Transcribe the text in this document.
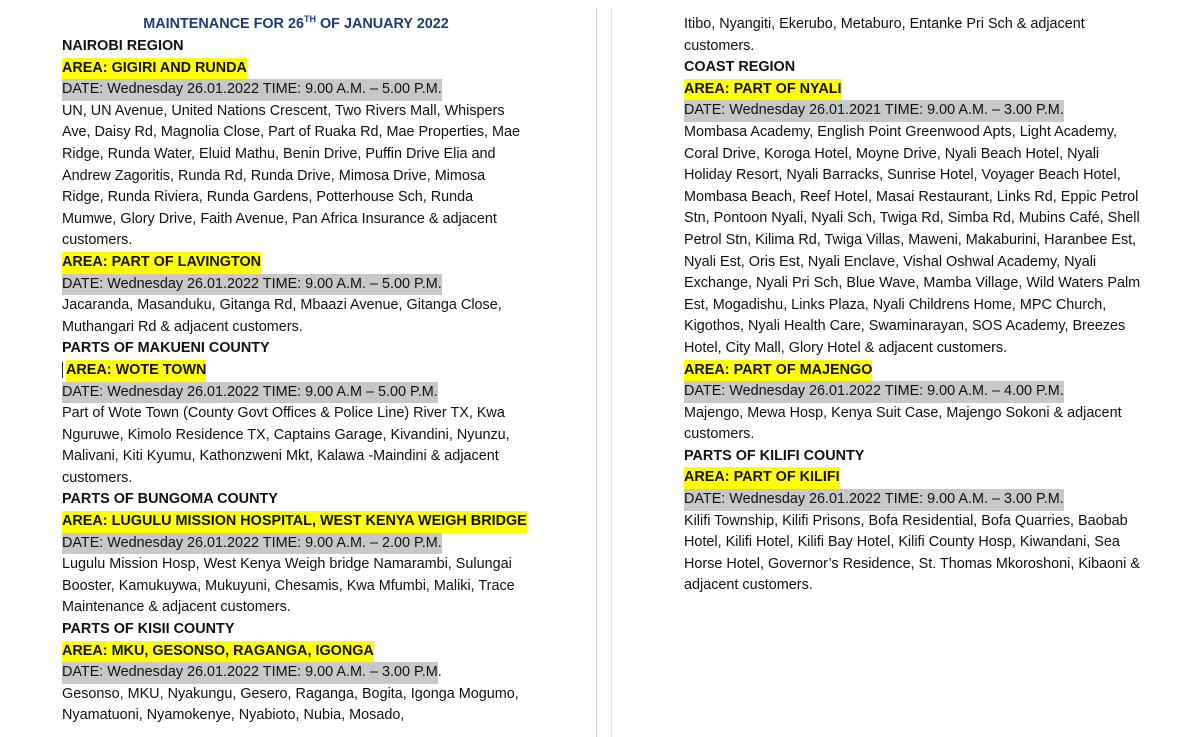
MAINTENANCE FOR 26TH OF JANUARY 2022
NAIROBI REGION
AREA: GIGIRI AND RUNDA
DATE: Wednesday 26.01.2022 TIME: 9.00 A.M. – 5.00 P.M.

UN, UN Avenue, United Nations Crescent, Two Rivers Mall, Whispers Ave, Daisy Rd, Magnolia Close, Part of Ruaka Rd, Mae Properties, Mae Ridge, Runda Water, Eluid Mathu, Benin Drive, Puffin Drive Elia and Andrew Zagoritis, Runda Rd, Runda Drive, Mimosa Drive, Mimosa Ridge, Runda Riviera, Runda Gardens, Potterhouse Sch, Runda Mumwe, Glory Drive, Faith Avenue, Pan Africa Insurance & adjacent customers.

AREA: PART OF LAVINGTON
DATE: Wednesday 26.01.2022 TIME: 9.00 A.M. – 5.00 P.M.

Jacaranda, Masanduku, Gitanga Rd, Mbaazi Avenue, Gitanga Close, Muthangari Rd & adjacent customers.

PARTS OF MAKUENI COUNTY
AREA: WOTE TOWN
DATE: Wednesday 26.01.2022 TIME: 9.00 A.M – 5.00 P.M.

Part of Wote Town (County Govt Offices & Police Line) River TX, Kwa Nguruwe, Kimolo Residence TX, Captains Garage, Kivandini, Nyunzu, Malivani, Kiti Kyumu, Kathonzweni Mkt, Kalawa -Maindini & adjacent customers.

PARTS OF BUNGOMA COUNTY
AREA: LUGULU MISSION HOSPITAL, WEST KENYA WEIGH BRIDGE
DATE: Wednesday 26.01.2022 TIME: 9.00 A.M. – 2.00 P.M.

Lugulu Mission Hosp, West Kenya Weigh bridge Namarambi, Sulungai Booster, Kamukuywa, Mukuyuni, Chesamis, Kwa Mfumbi, Maliki, Trace Maintenance & adjacent customers.

PARTS OF KISII COUNTY
AREA: MKU, GESONSO, RAGANGA, IGONGA
DATE: Wednesday 26.01.2022 TIME: 9.00 A.M. – 3.00 P.M.

Gesonso, MKU, Nyakungu, Gesero, Raganga, Bogita, Igonga Mogumo, Nyamatuoni, Nyamokenye, Nyabioto, Nubia, Mosado,

Itibo, Nyangiti, Ekerubo, Metaburo, Entanke Pri Sch & adjacent customers.

COAST REGION
AREA: PART OF NYALI
DATE: Wednesday 26.01.2021 TIME: 9.00 A.M. – 3.00 P.M.

Mombasa Academy, English Point Greenwood Apts, Light Academy, Coral Drive, Koroga Hotel, Moyne Drive, Nyali Beach Hotel, Nyali Holiday Resort, Nyali Barracks, Sunrise Hotel, Voyager Beach Hotel, Mombasa Beach, Reef Hotel, Masai Restaurant, Links Rd, Eppic Petrol Stn, Pontoon Nyali, Nyali Sch, Twiga Rd, Simba Rd, Mubins Café, Shell Petrol Stn, Kilima Rd, Twiga Villas, Maweni, Makaburini, Haranbee Est, Nyali Est, Oris Est, Nyali Enclave, Vishal Oshwal Academy, Nyali Exchange, Nyali Pri Sch, Blue Wave, Mamba Village, Wild Waters Palm Est, Mogadishu, Links Plaza, Nyali Childrens Home, MPC Church, Kigothos, Nyali Health Care, Swaminarayan, SOS Academy, Breezes Hotel, City Mall, Glory Hotel & adjacent customers.

AREA: PART OF MAJENGO
DATE: Wednesday 26.01.2022 TIME: 9.00 A.M. – 4.00 P.M.

Majengo, Mewa Hosp, Kenya Suit Case, Majengo Sokoni & adjacent customers.

PARTS OF KILIFI COUNTY
AREA: PART OF KILIFI
DATE: Wednesday 26.01.2022 TIME: 9.00 A.M. – 3.00 P.M.

Kilifi Township, Kilifi Prisons, Bofa Residential, Bofa Quarries, Baobab Hotel, Kilifi Hotel, Kilifi Bay Hotel, Kilifi County Hosp, Kiwandani, Sea Horse Hotel, Governor’s Residence, St. Thomas Mkoroshoni, Kibaoni & adjacent customers.
